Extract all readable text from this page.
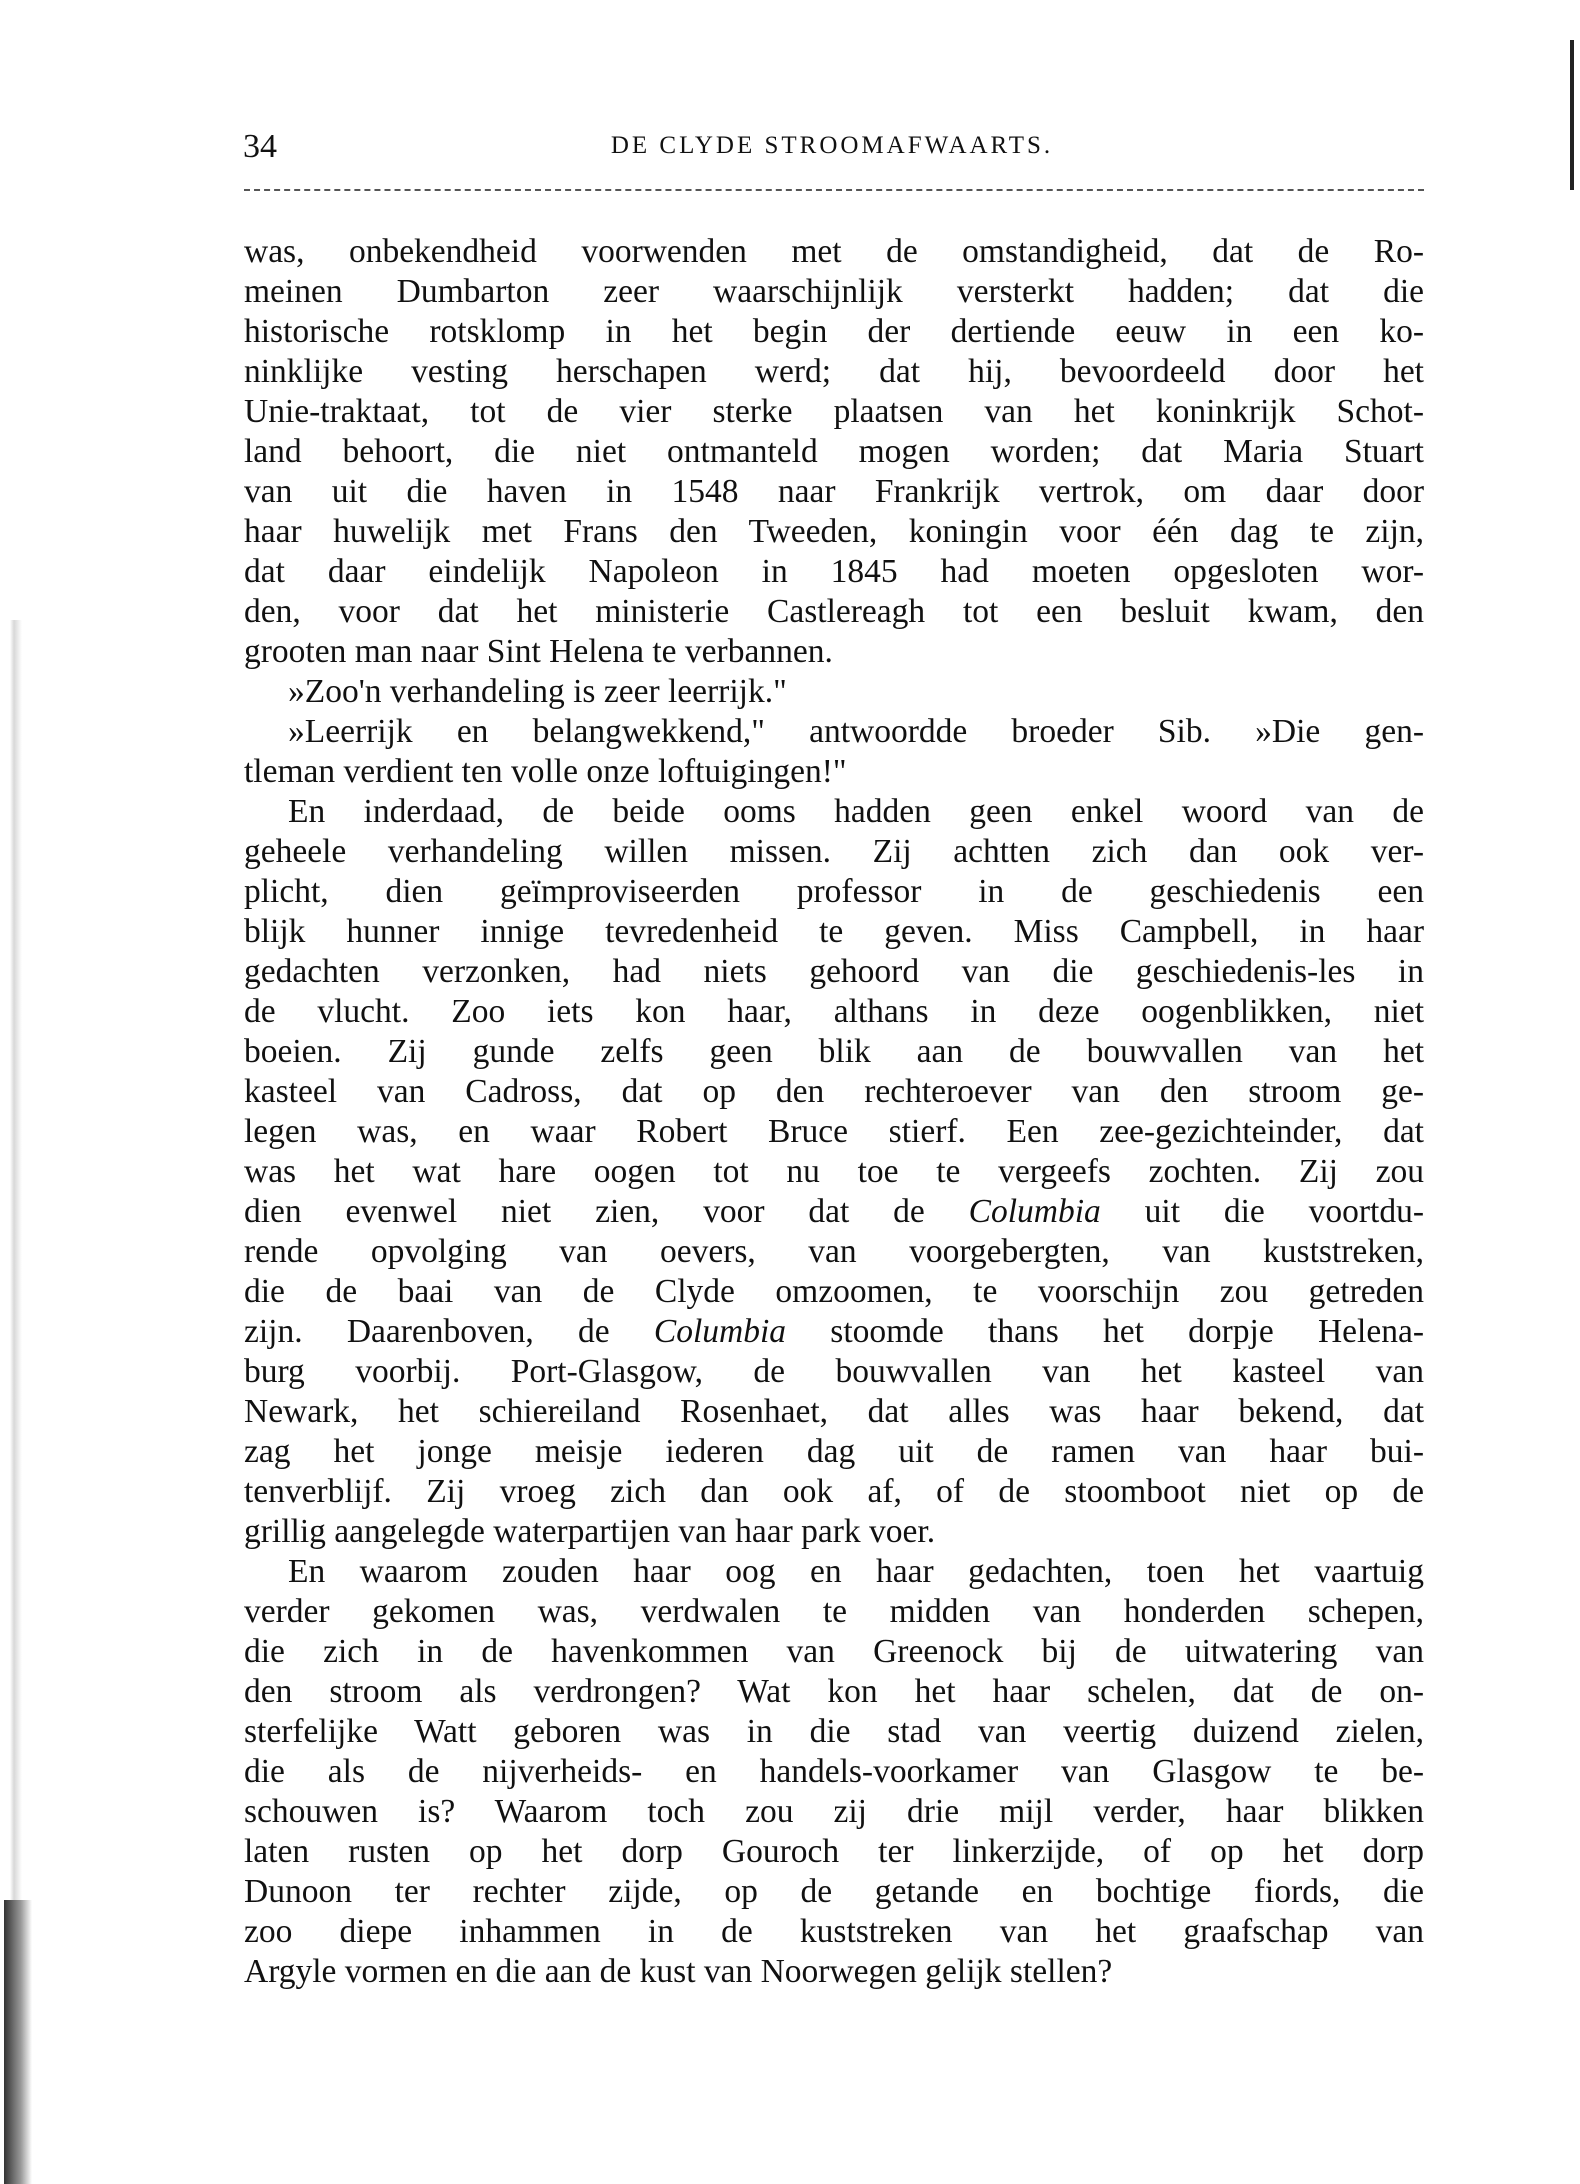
34	DE CLYDE STROOMAFWAARTS.
was, onbekendheid voorwenden met de omstandigheid, dat de Ro-
meinen Dumbarton zeer waarschijnlijk versterkt hadden; dat die
historische rotsklomp in het begin der dertiende eeuw in een ko-
ninklijke vesting herschapen werd; dat hij, bevoordeeld door het
Unie-traktaat, tot de vier sterke plaatsen van het koninkrijk Schot-
land behoort, die niet ontmanteld mogen worden; dat Maria Stuart
van uit die haven in 1548 naar Frankrijk vertrok, om daar door
haar huwelijk met Frans den Tweeden, koningin voor één dag te zijn,
dat daar eindelijk Napoleon in 1845 had moeten opgesloten wor-
den, voor dat het ministerie Castlereagh tot een besluit kwam, den
grooten man naar Sint Helena te verbannen.
»Zoo'n verhandeling is zeer leerrijk."
»Leerrijk en belangwekkend," antwoordde broeder Sib. »Die gen-
tleman verdient ten volle onze loftuigingen!"
En inderdaad, de beide ooms hadden geen enkel woord van de
geheele verhandeling willen missen. Zij achtten zich dan ook ver-
plicht, dien geïmproviseerden professor in de geschiedenis een
blijk hunner innige tevredenheid te geven. Miss Campbell, in haar
gedachten verzonken, had niets gehoord van die geschiedenis-les in
de vlucht. Zoo iets kon haar, althans in deze oogenblikken, niet
boeien. Zij gunde zelfs geen blik aan de bouwvallen van het
kasteel van Cadross, dat op den rechteroever van den stroom ge-
legen was, en waar Robert Bruce stierf. Een zee-gezichteinder, dat
was het wat hare oogen tot nu toe te vergeefs zochten. Zij zou
dien evenwel niet zien, voor dat de Columbia uit die voortdu-
rende opvolging van oevers, van voorgebergten, van kuststreken,
die de baai van de Clyde omzoomen, te voorschijn zou getreden
zijn. Daarenboven, de Columbia stoomde thans het dorpje Helena-
burg voorbij. Port-Glasgow, de bouwvallen van het kasteel van
Newark, het schiereiland Rosenhaet, dat alles was haar bekend, dat
zag het jonge meisje iederen dag uit de ramen van haar bui-
tenverblijf. Zij vroeg zich dan ook af, of de stoomboot niet op de
grillig aangelegde waterpartijen van haar park voer.
En waarom zouden haar oog en haar gedachten, toen het vaartuig
verder gekomen was, verdwalen te midden van honderden schepen,
die zich in de havenkommen van Greenock bij de uitwatering van
den stroom als verdrongen? Wat kon het haar schelen, dat de on-
sterfelijke Watt geboren was in die stad van veertig duizend zielen,
die als de nijverheids- en handels-voorkamer van Glasgow te be-
schouwen is? Waarom toch zou zij drie mijl verder, haar blikken
laten rusten op het dorp Gouroch ter linkerzijde, of op het dorp
Dunoon ter rechter zijde, op de getande en bochtige fiords, die
zoo diepe inhammen in de kuststreken van het graafschap van
Argyle vormen en die aan de kust van Noorwegen gelijk stellen?
